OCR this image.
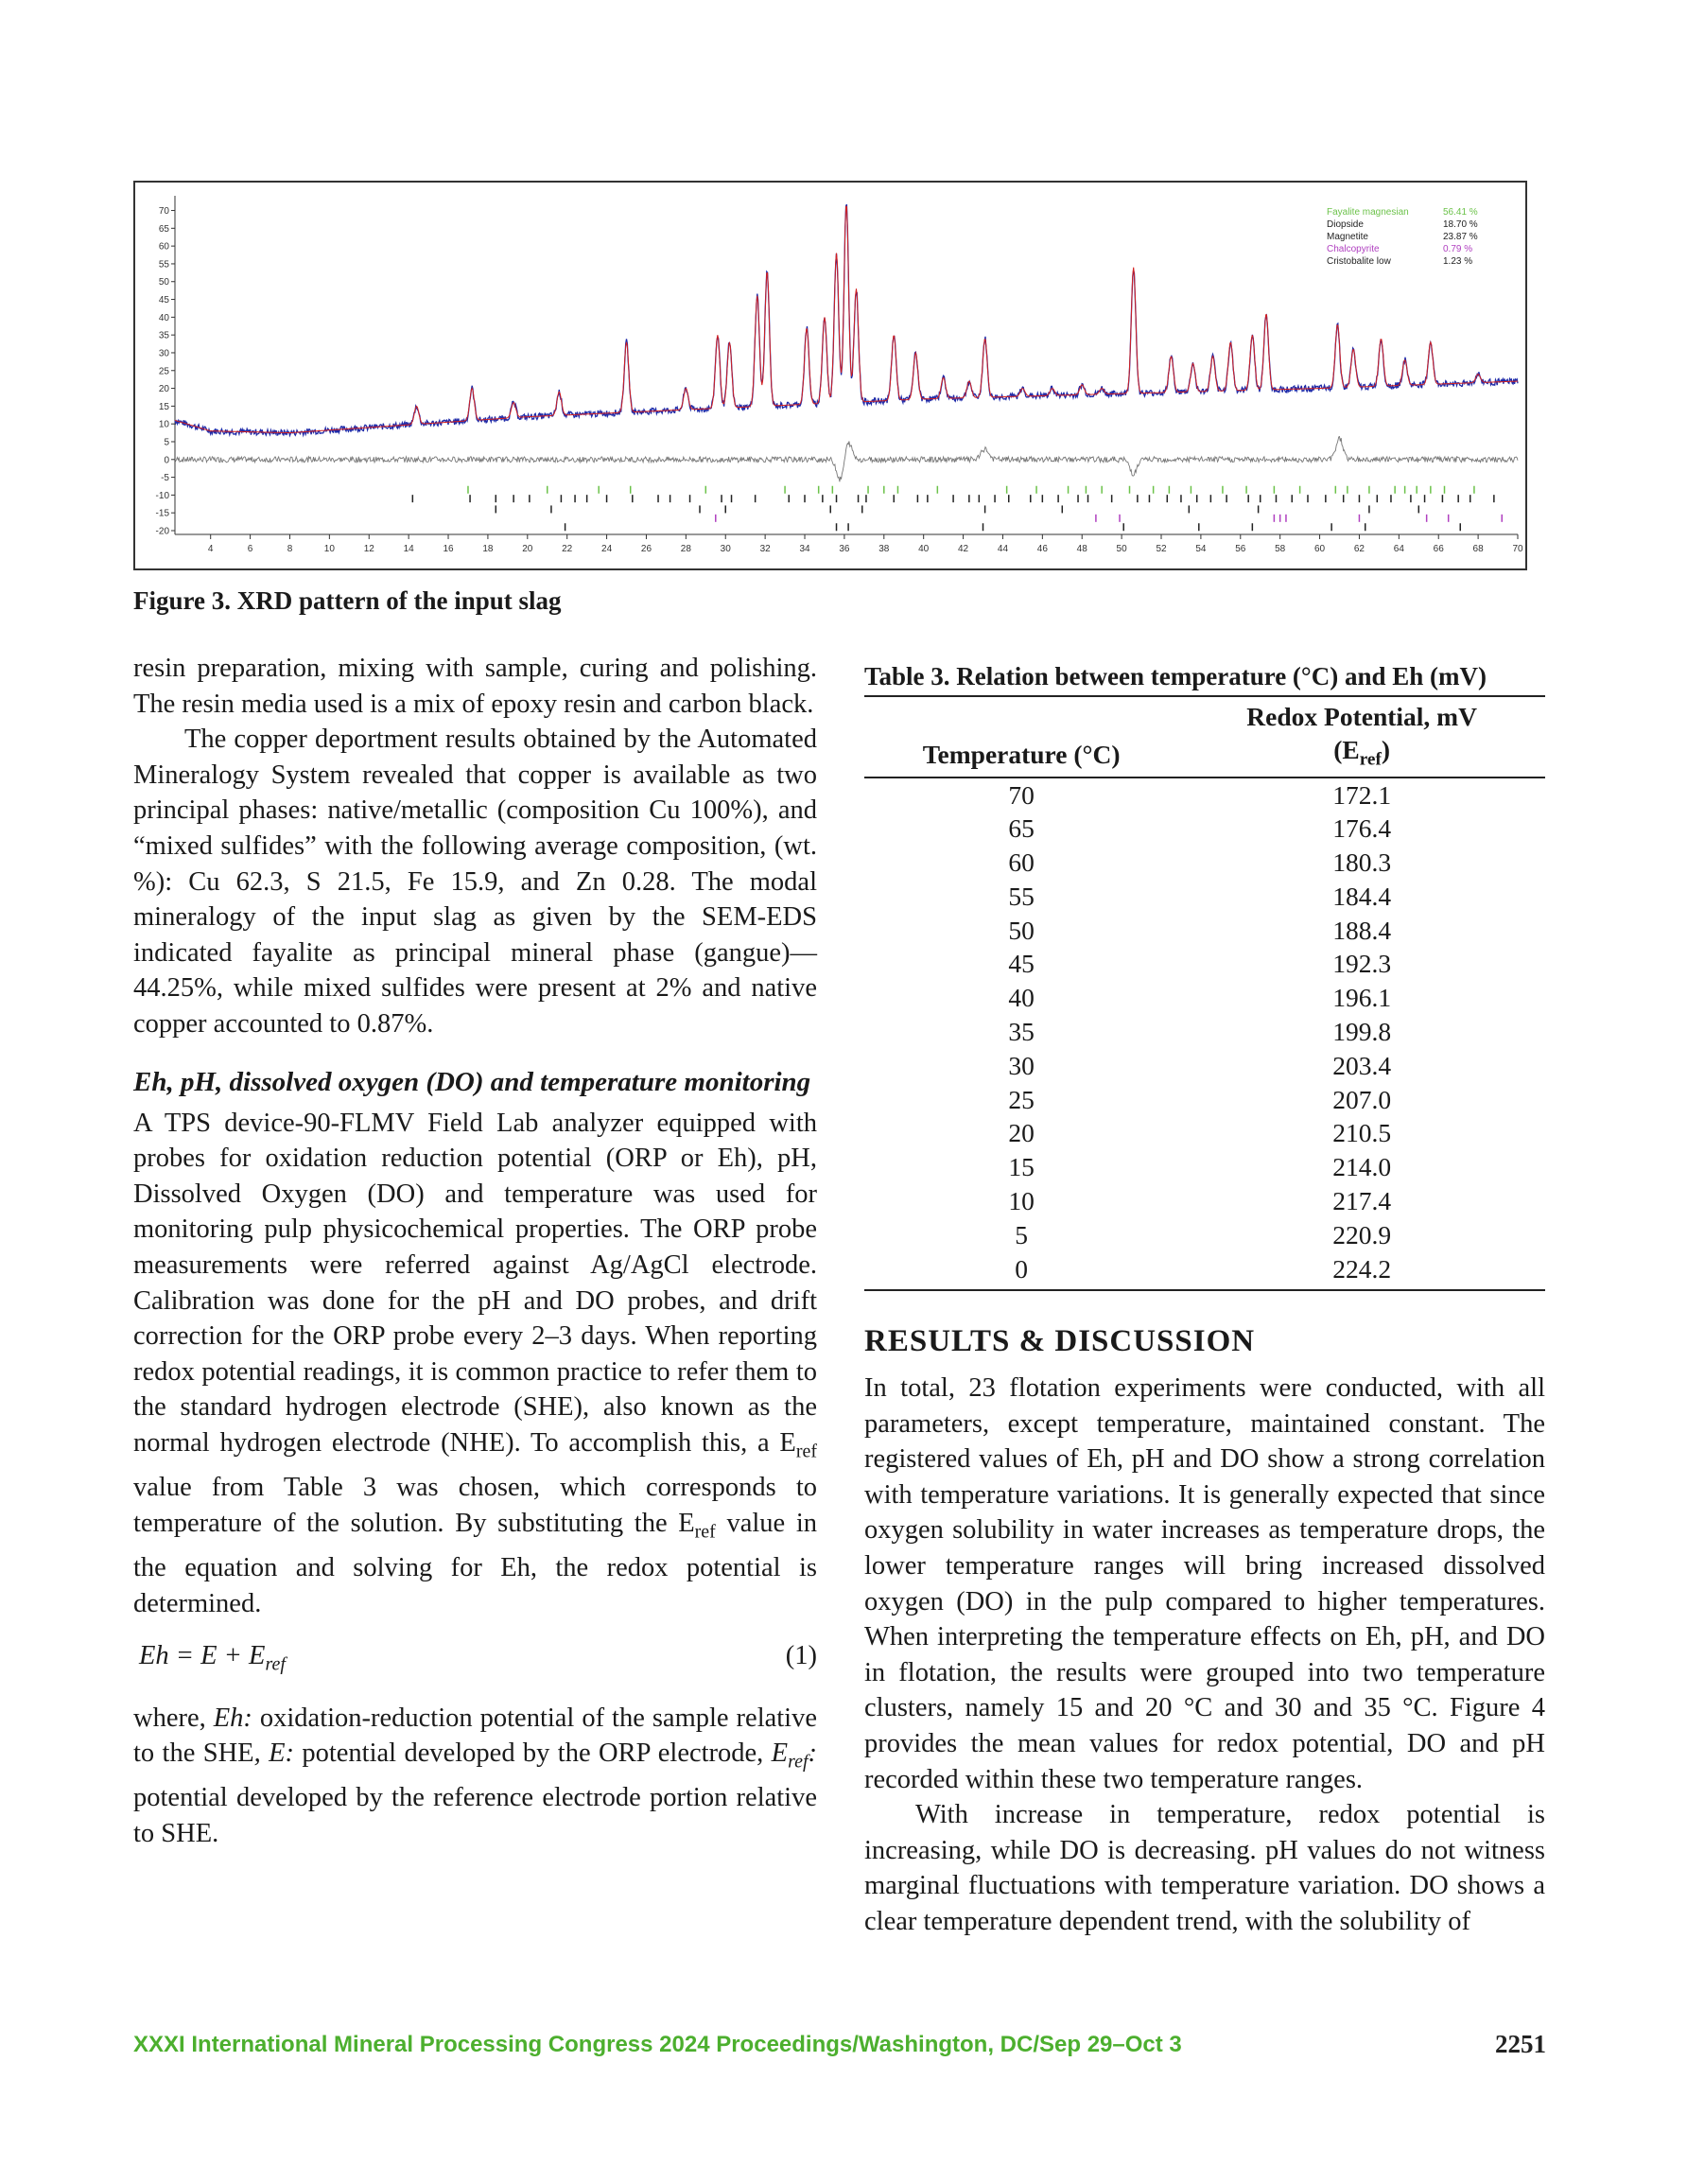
70
65
60
55
50
45
40
35
30
25
20
15
10
5
0
-5
-10
-15
-20
4	6	8	10	12	14	16	18	20	22	24	26	28	30	32	34	36	38	40	42	44	46	48	50	52	54	56	58	60	62	64	66	68	70
Fayalite magnesian	56.41 %
Diopside	18.70 %
Magnetite	23.87 %
Chalcopyrite	0.79 %
Cristobalite low	1.23 %
Figure 3. XRD pattern of the input slag

resin preparation, mixing with sample, curing and polishing. The resin media used is a mix of epoxy resin and carbon black.

The copper deportment results obtained by the Automated Mineralogy System revealed that copper is available as two principal phases: native/metallic (composition Cu 100%), and “mixed sulfides” with the following average composition, (wt. %): Cu 62.3, S 21.5, Fe 15.9, and Zn 0.28. The modal mineralogy of the input slag as given by the SEM-EDS indicated fayalite as principal mineral phase (gangue)—44.25%, while mixed sulfides were present at 2% and native copper accounted to 0.87%.

Eh, pH, dissolved oxygen (DO) and temperature monitoring

A TPS device-90-FLMV Field Lab analyzer equipped with probes for oxidation reduction potential (ORP or Eh), pH, Dissolved Oxygen (DO) and temperature was used for monitoring pulp physicochemical properties. The ORP probe measurements were referred against Ag/AgCl electrode. Calibration was done for the pH and DO probes, and drift correction for the ORP probe every 2–3 days. When reporting redox potential readings, it is common practice to refer them to the standard hydrogen electrode (SHE), also known as the normal hydrogen electrode (NHE). To accomplish this, a $E_{ref}$ value from Table 3 was chosen, which corresponds to temperature of the solution. By substituting the $E_{ref}$ value in the equation and solving for Eh, the redox potential is determined.

$Eh = E + E_{ref}$	(1)

where, Eh: oxidation-reduction potential of the sample relative to the SHE, E: potential developed by the ORP electrode, $E_{ref}$: potential developed by the reference electrode portion relative to SHE.

Table 3. Relation between temperature (°C) and Eh (mV)
	Redox Potential, mV
Temperature (°C)	$(E_{ref})$
70	172.1
65	176.4
60	180.3
55	184.4
50	188.4
45	192.3
40	196.1
35	199.8
30	203.4
25	207.0
20	210.5
15	214.0
10	217.4
5	220.9
0	224.2
RESULTS & DISCUSSION

In total, 23 flotation experiments were conducted, with all parameters, except temperature, maintained constant. The registered values of Eh, pH and DO show a strong correlation with temperature variations. It is generally expected that since oxygen solubility in water increases as temperature drops, the lower temperature ranges will bring increased dissolved oxygen (DO) in the pulp compared to higher temperatures. When interpreting the temperature effects on Eh, pH, and DO in flotation, the results were grouped into two temperature clusters, namely 15 and 20 °C and 30 and 35 °C. Figure 4 provides the mean values for redox potential, DO and pH recorded within these two temperature ranges.

With increase in temperature, redox potential is increasing, while DO is decreasing. pH values do not witness marginal fluctuations with temperature variation. DO shows a clear temperature dependent trend, with the solubility of

XXXI International Mineral Processing Congress 2024 Proceedings/Washington, DC/Sep 29–Oct 3	2251
